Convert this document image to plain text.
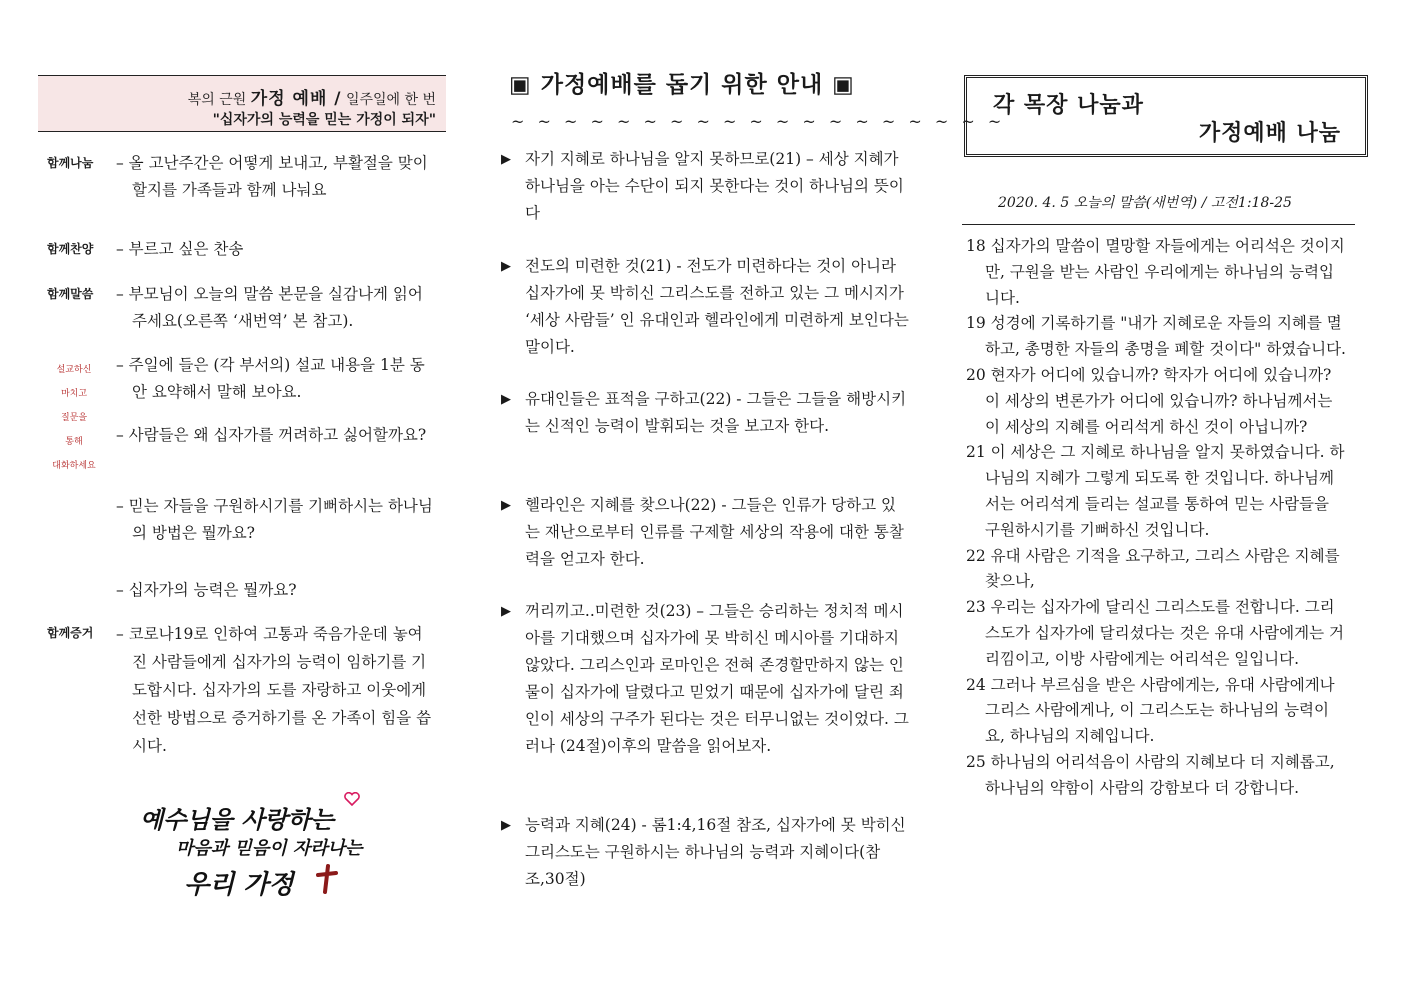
복의 근원 가정 예배 / 일주일에 한 번
"십자가의 능력을 믿는 가정이 되자"
함께나눔 – 올 고난주간은 어떻게 보내고, 부활절을 맞이할지를 가족들과 함께 나눠요
함께찬양 – 부르고 싶은 찬송
함께말씀 – 부모님이 오늘의 말씀 본문을 실감나게 읽어주세요(오른쪽 ‘새번역’ 본 참고).
설교하신
마치고
질문을
통해
대화하세요
– 주일에 들은 (각 부서의) 설교 내용을 1분 동안 요약해서 말해 보아요.
– 사람들은 왜 십자가를 꺼려하고 싫어할까요?
– 믿는 자들을 구원하시기를 기뻐하시는 하나님의 방법은 뭘까요?
– 십자가의 능력은 뭘까요?
함께증거 – 코로나19로 인하여 고통과 죽음가운데 놓여진 사람들에게 십자가의 능력이 임하기를 기도합시다. 십자가의 도를 자랑하고 이웃에게 선한 방법으로 증거하기를 온 가족이 힘을 씁시다.
예수님을 사랑하는
마음과 믿음이 자라나는
우리 가정
▣ 가정예배를 돕기 위한 안내 ▣
~ ~ ~ ~ ~ ~ ~ ~ ~ ~ ~ ~ ~ ~ ~ ~ ~ ~ ~
▶ 자기 지혜로 하나님을 알지 못하므로(21) – 세상 지혜가 하나님을 아는 수단이 되지 못한다는 것이 하나님의 뜻이다
▶ 전도의 미련한 것(21) - 전도가 미련하다는 것이 아니라 십자가에 못 박히신 그리스도를 전하고 있는 그 메시지가 ‘세상 사람들’ 인 유대인과 헬라인에게 미련하게 보인다는 말이다.
▶ 유대인들은 표적을 구하고(22) - 그들은 그들을 해방시키는 신적인 능력이 발휘되는 것을 보고자 한다.
▶ 헬라인은 지혜를 찾으나(22) - 그들은 인류가 당하고 있는 재난으로부터 인류를 구제할 세상의 작용에 대한 통찰력을 얻고자 한다.
▶ 꺼리끼고..미련한 것(23) – 그들은 승리하는 정치적 메시아를 기대했으며 십자가에 못 박히신 메시아를 기대하지 않았다. 그리스인과 로마인은 전혀 존경할만하지 않는 인물이 십자가에 달렸다고 믿었기 때문에 십자가에 달린 죄인이 세상의 구주가 된다는 것은 터무니없는 것이었다. 그러나 (24절)이후의 말씀을 읽어보자.
▶ 능력과 지혜(24) - 롬1:4,16절 참조, 십자가에 못 박히신 그리스도는 구원하시는 하나님의 능력과 지혜이다(참조,30절)
각 목장 나눔과
가정예배 나눔
2020. 4. 5 오늘의 말씀(새번역) / 고전1:18-25
18 십자가의 말씀이 멸망할 자들에게는 어리석은 것이지만, 구원을 받는 사람인 우리에게는 하나님의 능력입니다.
19 성경에 기록하기를 "내가 지혜로운 자들의 지혜를 멸하고, 총명한 자들의 총명을 폐할 것이다" 하였습니다.
20 현자가 어디에 있습니까? 학자가 어디에 있습니까? 이 세상의 변론가가 어디에 있습니까? 하나님께서는 이 세상의 지혜를 어리석게 하신 것이 아닙니까?
21 이 세상은 그 지혜로 하나님을 알지 못하였습니다. 하나님의 지혜가 그렇게 되도록 한 것입니다. 하나님께서는 어리석게 들리는 설교를 통하여 믿는 사람들을 구원하시기를 기뻐하신 것입니다.
22 유대 사람은 기적을 요구하고, 그리스 사람은 지혜를 찾으나,
23 우리는 십자가에 달리신 그리스도를 전합니다. 그리스도가 십자가에 달리셨다는 것은 유대 사람에게는 거리낌이고, 이방 사람에게는 어리석은 일입니다.
24 그러나 부르심을 받은 사람에게는, 유대 사람에게나 그리스 사람에게나, 이 그리스도는 하나님의 능력이요, 하나님의 지혜입니다.
25 하나님의 어리석음이 사람의 지혜보다 더 지혜롭고, 하나님의 약함이 사람의 강함보다 더 강합니다.
